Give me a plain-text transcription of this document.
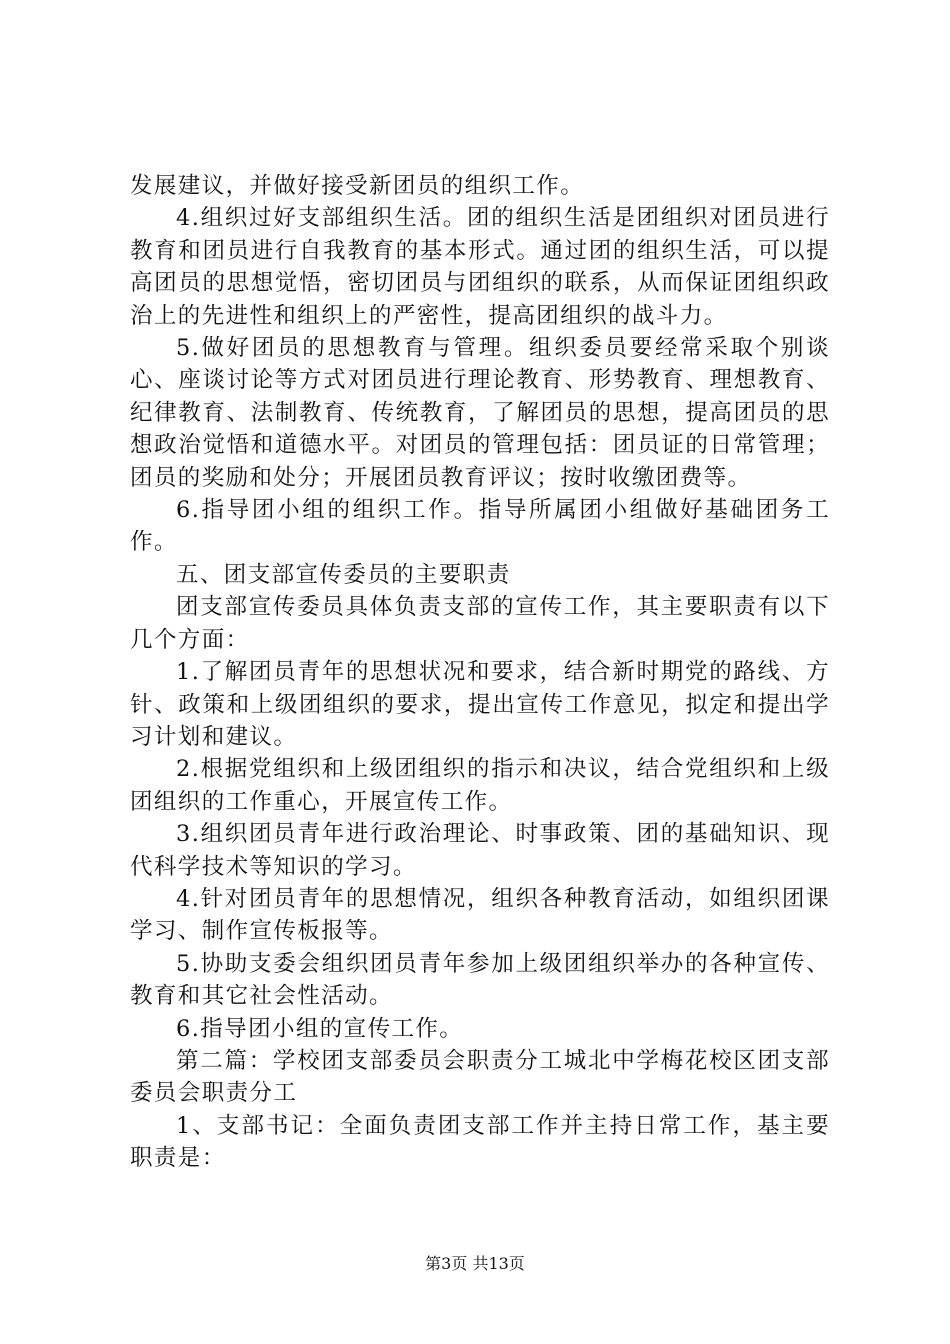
发展建议，并做好接受新团员的组织工作。

4.组织过好支部组织生活。团的组织生活是团组织对团员进行教育和团员进行自我教育的基本形式。通过团的组织生活，可以提高团员的思想觉悟，密切团员与团组织的联系，从而保证团组织政治上的先进性和组织上的严密性，提高团组织的战斗力。

5.做好团员的思想教育与管理。组织委员要经常采取个别谈心、座谈讨论等方式对团员进行理论教育、形势教育、理想教育、纪律教育、法制教育、传统教育，了解团员的思想，提高团员的思想政治觉悟和道德水平。对团员的管理包括：团员证的日常管理；团员的奖励和处分；开展团员教育评议；按时收缴团费等。

6.指导团小组的组织工作。指导所属团小组做好基础团务工作。

五、团支部宣传委员的主要职责

团支部宣传委员具体负责支部的宣传工作，其主要职责有以下几个方面：

1.了解团员青年的思想状况和要求，结合新时期党的路线、方针、政策和上级团组织的要求，提出宣传工作意见，拟定和提出学习计划和建议。

2.根据党组织和上级团组织的指示和决议，结合党组织和上级团组织的工作重心，开展宣传工作。

3.组织团员青年进行政治理论、时事政策、团的基础知识、现代科学技术等知识的学习。

4.针对团员青年的思想情况，组织各种教育活动，如组织团课学习、制作宣传板报等。

5.协助支委会组织团员青年参加上级团组织举办的各种宣传、教育和其它社会性活动。

6.指导团小组的宣传工作。

第二篇：学校团支部委员会职责分工城北中学梅花校区团支部委员会职责分工

1、支部书记：全面负责团支部工作并主持日常工作，基主要职责是：

第3页 共13页
